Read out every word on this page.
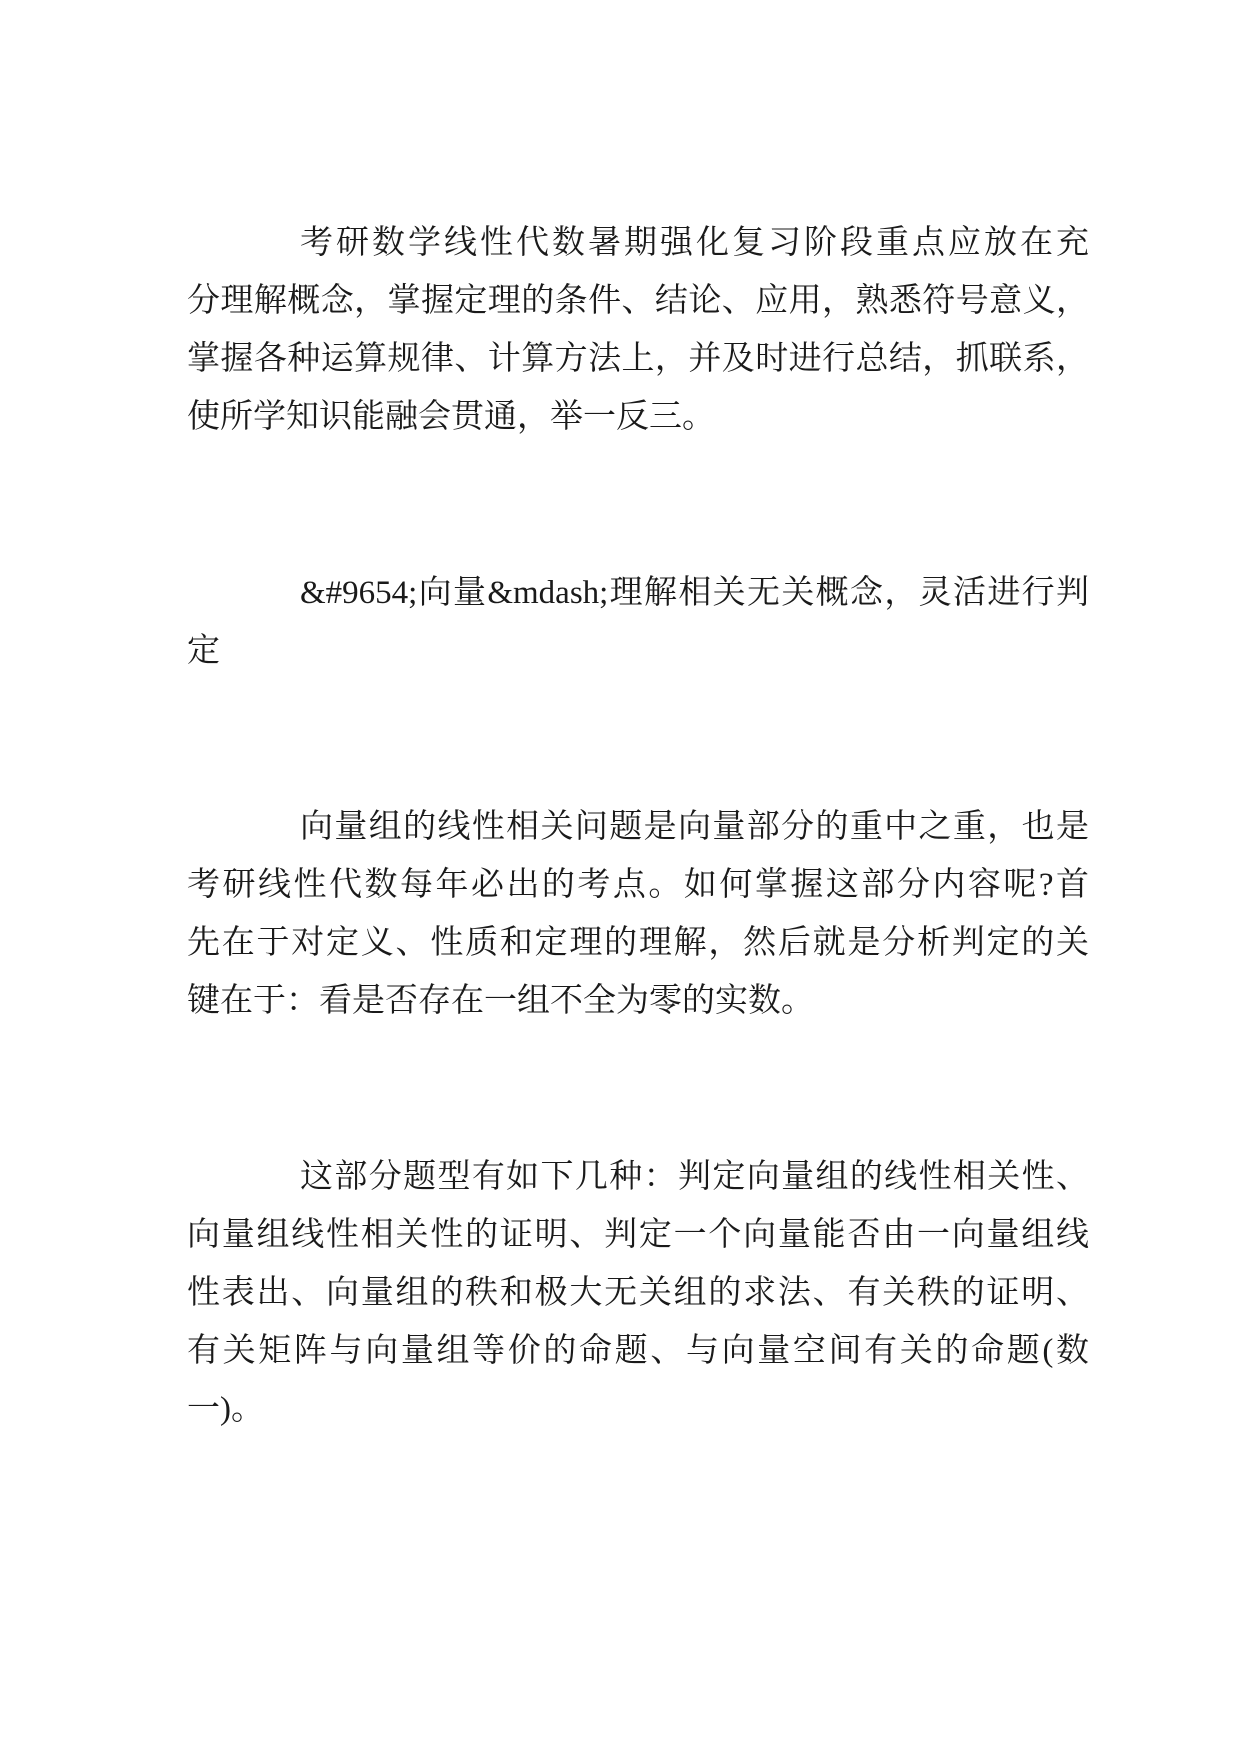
考研数学线性代数暑期强化复习阶段重点应放在充
分理解概念，掌握定理的条件、结论、应用，熟悉符号意义，
掌握各种运算规律、计算方法上，并及时进行总结，抓联系，
使所学知识能融会贯通，举一反三。

&#9654;向量&mdash;理解相关无关概念，灵活进行判
定

向量组的线性相关问题是向量部分的重中之重，也是
考研线性代数每年必出的考点。如何掌握这部分内容呢?首
先在于对定义、性质和定理的理解，然后就是分析判定的关
键在于：看是否存在一组不全为零的实数。

这部分题型有如下几种：判定向量组的线性相关性、
向量组线性相关性的证明、判定一个向量能否由一向量组线
性表出、向量组的秩和极大无关组的求法、有关秩的证明、
有关矩阵与向量组等价的命题、与向量空间有关的命题(数
一)。
